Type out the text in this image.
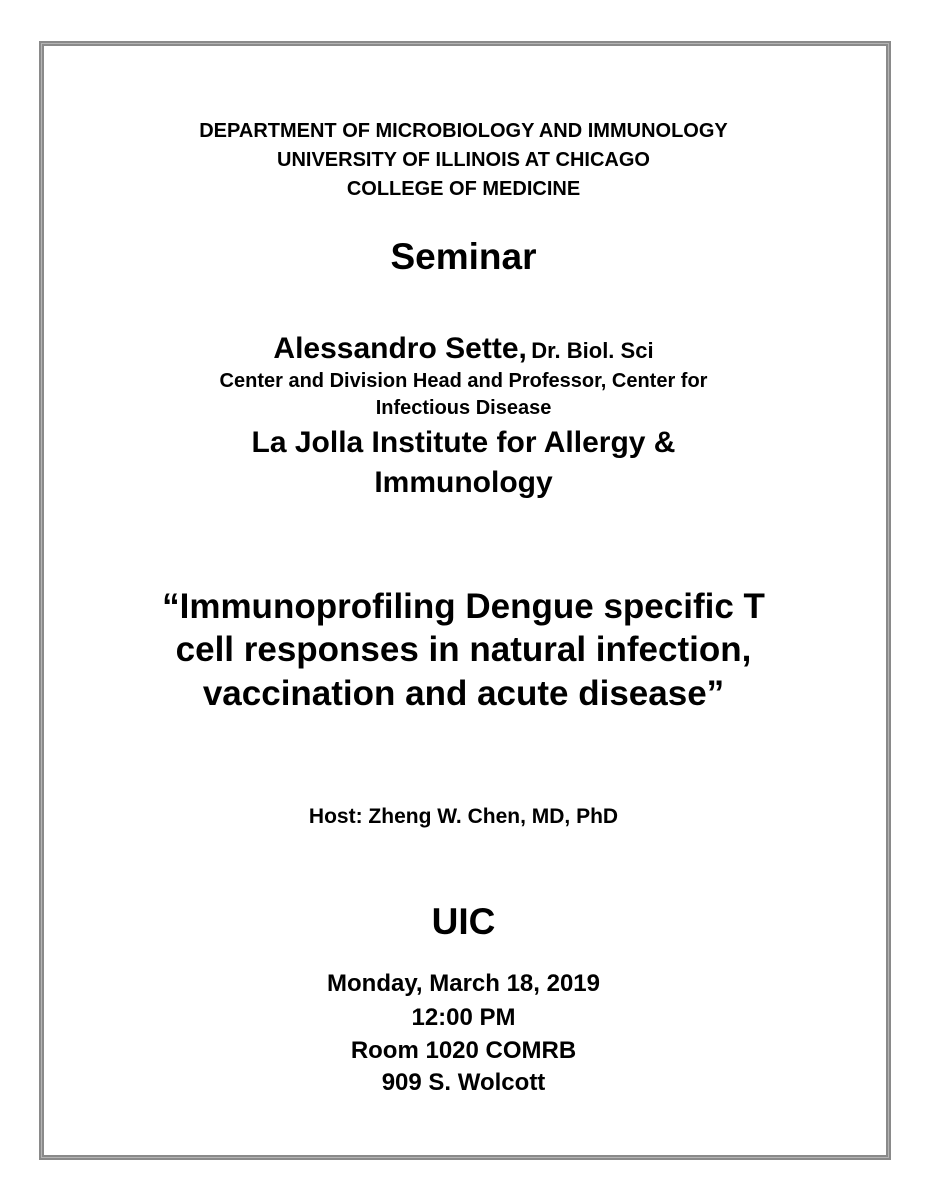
DEPARTMENT OF MICROBIOLOGY AND IMMUNOLOGY
UNIVERSITY OF ILLINOIS AT CHICAGO
COLLEGE OF MEDICINE
Seminar
Alessandro Sette, Dr. Biol. Sci
Center and Division Head and Professor, Center for
Infectious Disease
La Jolla Institute for Allergy &
Immunology
“Immunoprofiling Dengue specific T
cell responses in natural infection,
vaccination and acute disease”
Host: Zheng W. Chen, MD, PhD
UIC
Monday, March 18, 2019
12:00 PM
Room 1020 COMRB
909 S. Wolcott
